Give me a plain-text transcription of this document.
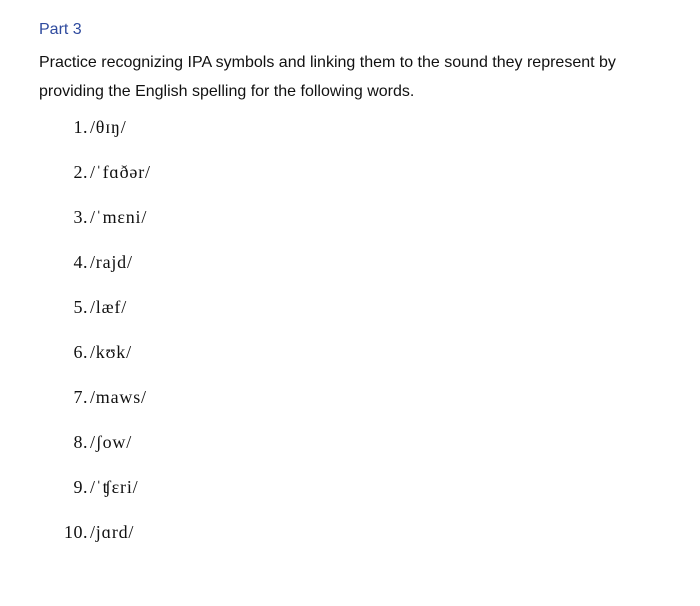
Part 3

Practice recognizing IPA symbols and linking them to the sound they represent by providing the English spelling for the following words.

1. /θɪŋ/
2. /ˈfɑðər/
3. /ˈmɛni/
4. /rajd/
5. /læf/
6. /kʊk/
7. /maws/
8. /ʃow/
9. /ˈʧɛri/
10. /jɑrd/
